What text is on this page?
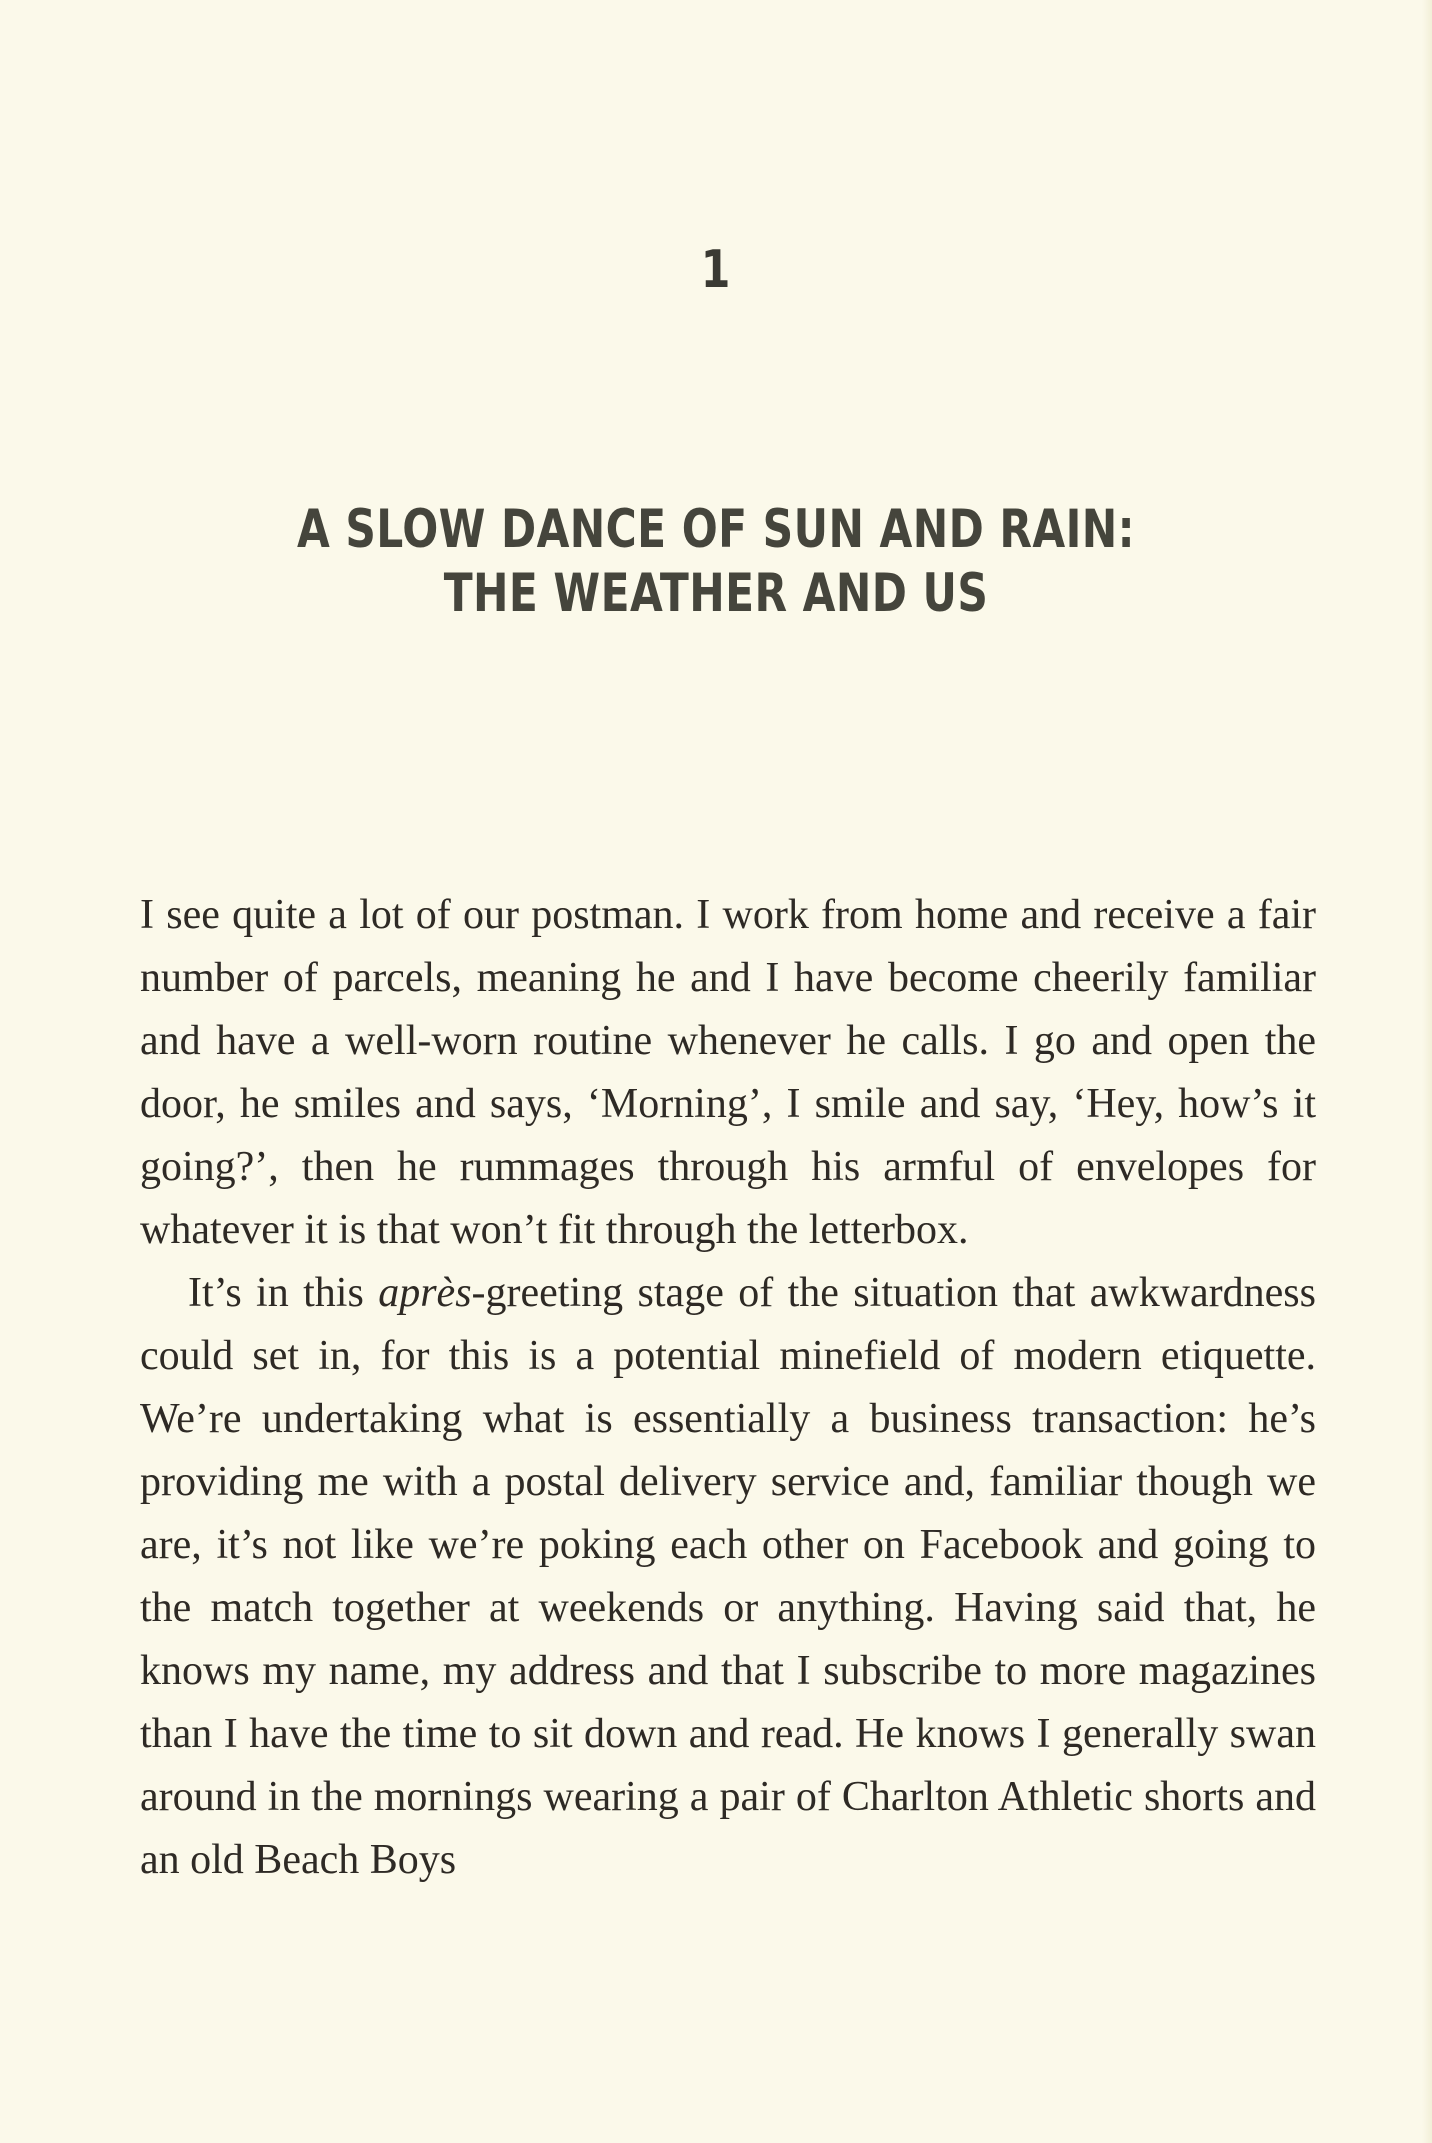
1
A SLOW DANCE OF SUN AND RAIN:
THE WEATHER AND US

I see quite a lot of our postman. I work from home and receive a fair number of parcels, meaning he and I have become cheerily familiar and have a well-worn routine whenever he calls. I go and open the door, he smiles and says, ‘Morning’, I smile and say, ‘Hey, how’s it going?’, then he rummages through his armful of envelopes for whatever it is that won’t fit through the letterbox.

It’s in this après-greeting stage of the situation that awkwardness could set in, for this is a potential minefield of modern etiquette. We’re undertaking what is essentially a business transaction: he’s providing me with a postal delivery service and, familiar though we are, it’s not like we’re poking each other on Facebook and going to the match together at weekends or anything. Having said that, he knows my name, my address and that I subscribe to more magazines than I have the time to sit down and read. He knows I generally swan around in the mornings wearing a pair of Charlton Athletic shorts and an old Beach Boys
